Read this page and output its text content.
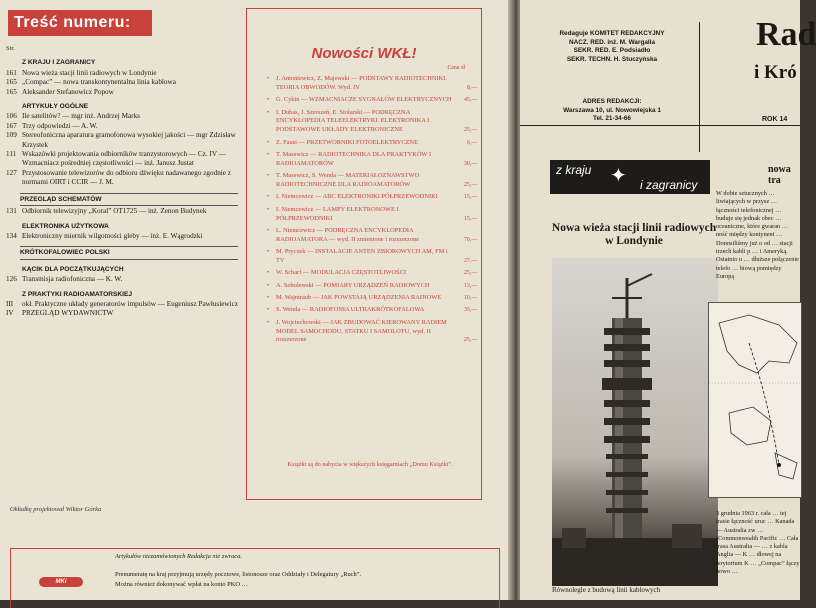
Treść numeru:
Str.
Z KRAJU I ZAGRANICY
161 Nowa wieża stacji linii radiowych w Londynie
165 „Compac” — nowa transkontynentalna linia kablowa
165 Aleksander Stefanowicz Popow
ARTYKUŁY OGÓLNE
106 Ile satelitów? — mgr inż. Andrzej Marks
167 Trzy odpowiedzi — A. W.
109 Stereofoniczna aparatura gramofonowa wysokiej jakości — mgr Zdzisław Krzystek
111 Wskazówki projektowania odbiorników tranzystorowych — Cz. IV — Wzmacniacz pośredniej częstotliwości — inż. Janusz Justat
127 Przystosowanie telewizorów do odbioru dźwięku nadawanego zgodnie z normami OIRT i CCIR — J. M.
PRZEGLĄD SCHEMATÓW
131 Odbiornik telewizyjny „Koral” OT1725 — inż. Zenon Budynek
ELEKTRONIKA UŻYTKOWA
134 Elektroniczny miernik wilgotności gleby — inż. E. Wągrodzki
KRÓTKOFALOWIEC POLSKI
KĄCIK DLA POCZĄTKUJĄCYCH
126 Transmisja radiofoniczna — K. W.
Z PRAKTYKI RADIOAMATORSKIEJ
III	okł. Praktyczne układy generatorów impulsów — Eugeniusz Pawłusiewicz
IV	PRZEGLĄD WYDAWNICTW
Okładkę projektował Wiktor Górka
Nowości WKŁ!
Cena zł
•	J. Antoniewicz, Z. Majewski — PODSTAWY RADIOTECHNIKI. TEORIA OBWODÓW. Wyd. IV	8,—
•	G. Cykin — WZMACNIACZE SYGNAŁÓW ELEKTRYCZNYCH	45,—
•	I. Dubas, J. Szerszeń, E. Stolarski — PODRĘCZNA ENCYKLOPEDIA TELEELEKTRYKI. ELEKTRONIKA I PODSTAWOWE UKŁADY ELEKTRONICZNE	25,—
•	Z. Fausi — PRZETWORNIKI FOTOELEKTRYCZNE	6,—
•	T. Masewicz — RADIOTECHNIKA DLA PRAKTYKÓW I RADIOAMATORÓW	30,—
•	T. Masewicz, S. Wenda — MATERIAŁOZNAWSTWO RADIOTECHNICZNE DLA RADIOAMATORÓW	25,—
•	I. Niemcewicz — ABC ELEKTRONIKI PÓŁPRZEWODNIKI	15,—
•	I. Niemcewicz — LAMPY ELEKTRONOWE I PÓŁPRZEWODNIKI	15,—
•	L. Niemcewicz — PODRĘCZNA ENCYKLOPEDIA RADIOAMATORA — wyd. II zmienione i rozszerzone	70,—
•	M. Pryczek — INSTALACJE ANTEN ZBIOROWYCH AM, FM i TV	27,—
•	W. Scharf — MODULACJA CZĘSTOTLIWOŚCI	25,—
•	A. Sobolewski — POMIARY URZĄDZEŃ RADIOWYCH	13,—
•	M. Wajntraub — JAK POWSTAJĄ URZĄDZENIA RADIOWE	10,—
•	S. Wenda — RADIOFONIA ULTRAKRÓTKOFALOWA	35,—
•	J. Wojciechowski — JAK ZBUDOWAĆ KIEROWANY RADIEM MODEL SAMOCHODU, STATKU I SAMOLOTU, wyd. II rozszerzone	25,—
Książki są do nabycia w większych księgarniach „Domu Książki”.
MKi
Artykułów niezamówionych Redakcja nie zwraca.
Prenumeratę na kraj przyjmują urzędy pocztowe, listonosze oraz Oddziały i Delegatury „Ruch”.
Można również dokonywać wpłat na konto PKO …
Redaguje KOMITET REDAKCYJNY
NACZ. RED. inż. M. Wargalla
SEKR. RED. E. Podsiadło
SEKR. TECHN. H. Stuczyńska
ADRES REDAKCJI:
Warszawa 10, ul. Nowowiejska 1
Tel. 21-34-66
Rad
i Kró
ROK 14
nowa tra
z kraju ✦ i zagranicy
Nowa wieża stacji linii radiowych w Londynie
Równolegle z budową linii kablowych
W dobie sztucznych … liwiających w przysz … łączności telefonicznej … buduje się jednak obec … oceaniczne, które gwaran … ność między kontynent … Donosiliśmy już o od … stacji trzech kabli p … i Ameryką. Ostatnio u … dłuższe połączenie telefo … biową pomiędzy Europą
3 grudnia 1963 r. cała … tej trasie łączność uruc … Kanada — Australia zw … (Commonwealth Pacific … Cała trasa Australia — … z kabla Anglia — K … dłowej na terytorium K … „Compac” łączy nowo …
